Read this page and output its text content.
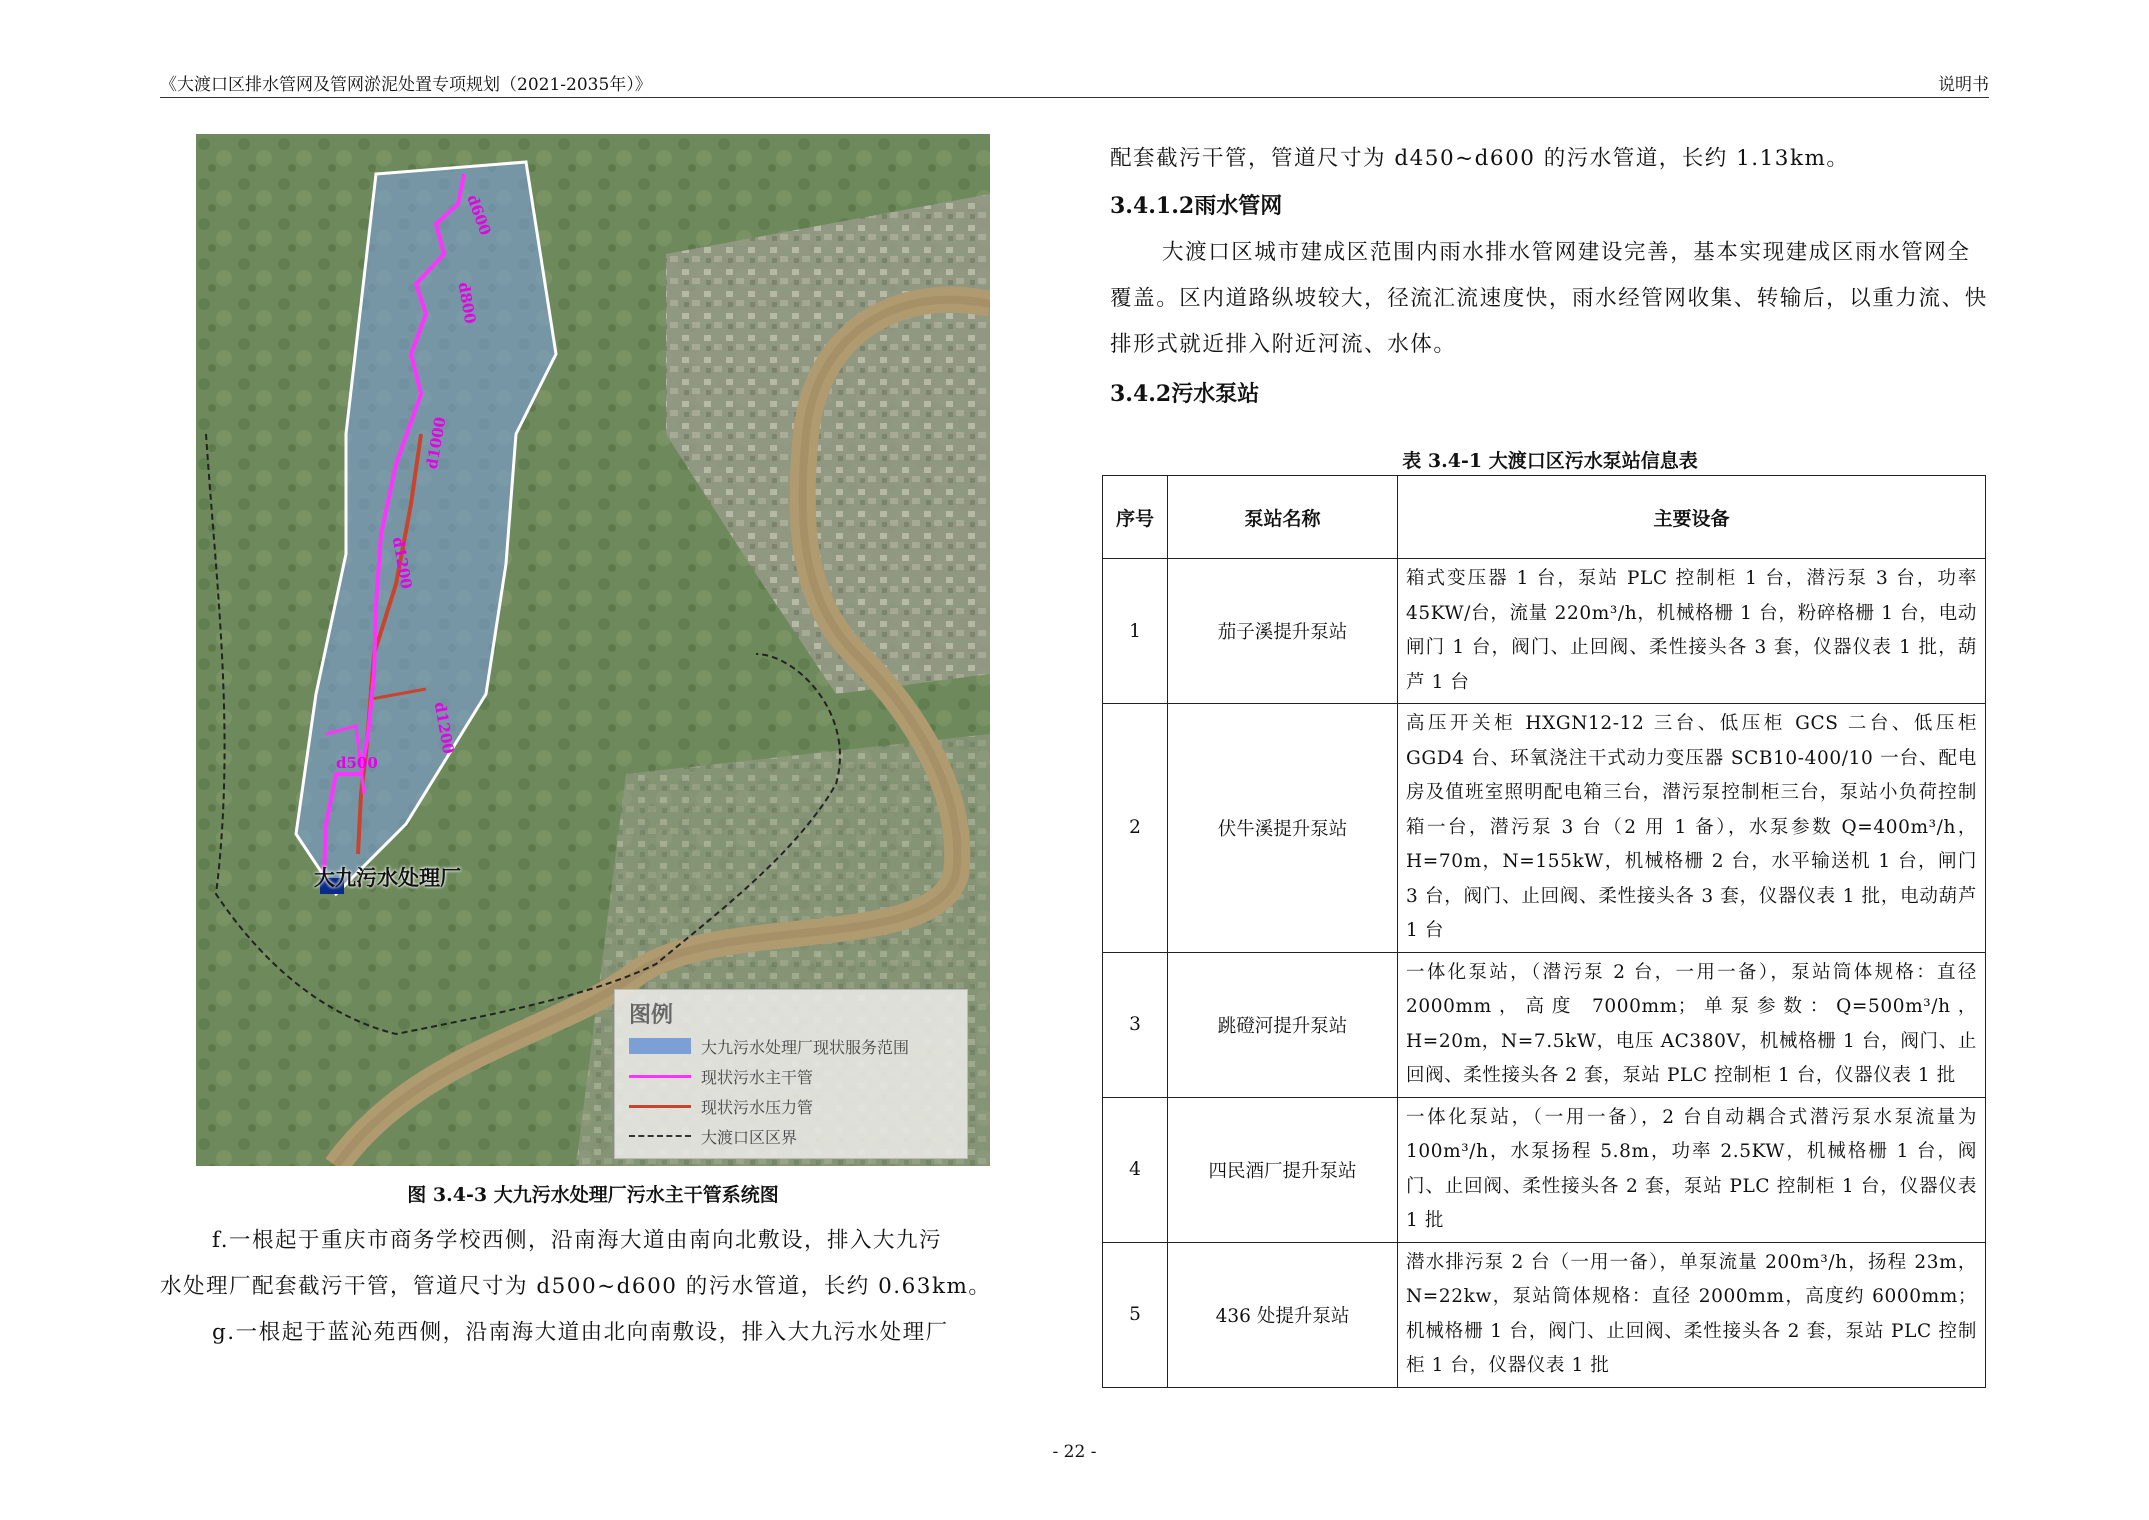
《大渡口区排水管网及管网淤泥处置专项规划（2021-2035年）》	说明书
d600
d800
d1000
d1200
d1200
d500
大九污水处理厂
图例
大九污水处理厂现状服务范围
现状污水主干管
现状污水压力管
大渡口区区界
图 3.4-3 大九污水处理厂污水主干管系统图

f.一根起于重庆市商务学校西侧，沿南海大道由南向北敷设，排入大九污

水处理厂配套截污干管，管道尺寸为 d500~d600 的污水管道，长约 0.63km。

g.一根起于蓝沁苑西侧，沿南海大道由北向南敷设，排入大九污水处理厂

配套截污干管，管道尺寸为 d450~d600 的污水管道，长约 1.13km。
3.4.1.2雨水管网

大渡口区城市建成区范围内雨水排水管网建设完善，基本实现建成区雨水管网全覆盖。区内道路纵坡较大，径流汇流速度快，雨水经管网收集、转输后，以重力流、快排形式就近排入附近河流、水体。

3.4.2污水泵站
表 3.4-1 大渡口区污水泵站信息表
序号	泵站名称	主要设备
1	茄子溪提升泵站	箱式变压器 1 台，泵站 PLC 控制柜 1 台，潜污泵 3 台，功率 45KW/台，流量 220m³/h，机械格栅 1 台，粉碎格栅 1 台，电动闸门 1 台，阀门、止回阀、柔性接头各 3 套，仪器仪表 1 批，葫芦 1 台
2	伏牛溪提升泵站	高压开关柜 HXGN12-12 三台、低压柜 GCS 二台、低压柜 GGD4 台、环氧浇注干式动力变压器 SCB10-400/10 一台、配电房及值班室照明配电箱三台，潜污泵控制柜三台，泵站小负荷控制箱一台，潜污泵 3 台（2 用 1 备），水泵参数 Q=400m³/h，H=70m，N=155kW，机械格栅 2 台，水平输送机 1 台，闸门 3 台，阀门、止回阀、柔性接头各 3 套，仪器仪表 1 批，电动葫芦 1 台
3	跳磴河提升泵站	一体化泵站，（潜污泵 2 台，一用一备），泵站筒体规格：直径 2000mm，高度 7000mm；单泵参数：Q=500m³/h，H=20m，N=7.5kW，电压 AC380V，机械格栅 1 台，阀门、止回阀、柔性接头各 2 套，泵站 PLC 控制柜 1 台，仪器仪表 1 批
4	四民酒厂提升泵站	一体化泵站，（一用一备），2 台自动耦合式潜污泵水泵流量为 100m³/h，水泵扬程 5.8m，功率 2.5KW，机械格栅 1 台，阀门、止回阀、柔性接头各 2 套，泵站 PLC 控制柜 1 台，仪器仪表 1 批
5	436 处提升泵站	潜水排污泵 2 台（一用一备），单泵流量 200m³/h，扬程 23m，N=22kw，泵站筒体规格：直径 2000mm，高度约 6000mm；机械格栅 1 台，阀门、止回阀、柔性接头各 2 套，泵站 PLC 控制柜 1 台，仪器仪表 1 批
- 22 -
